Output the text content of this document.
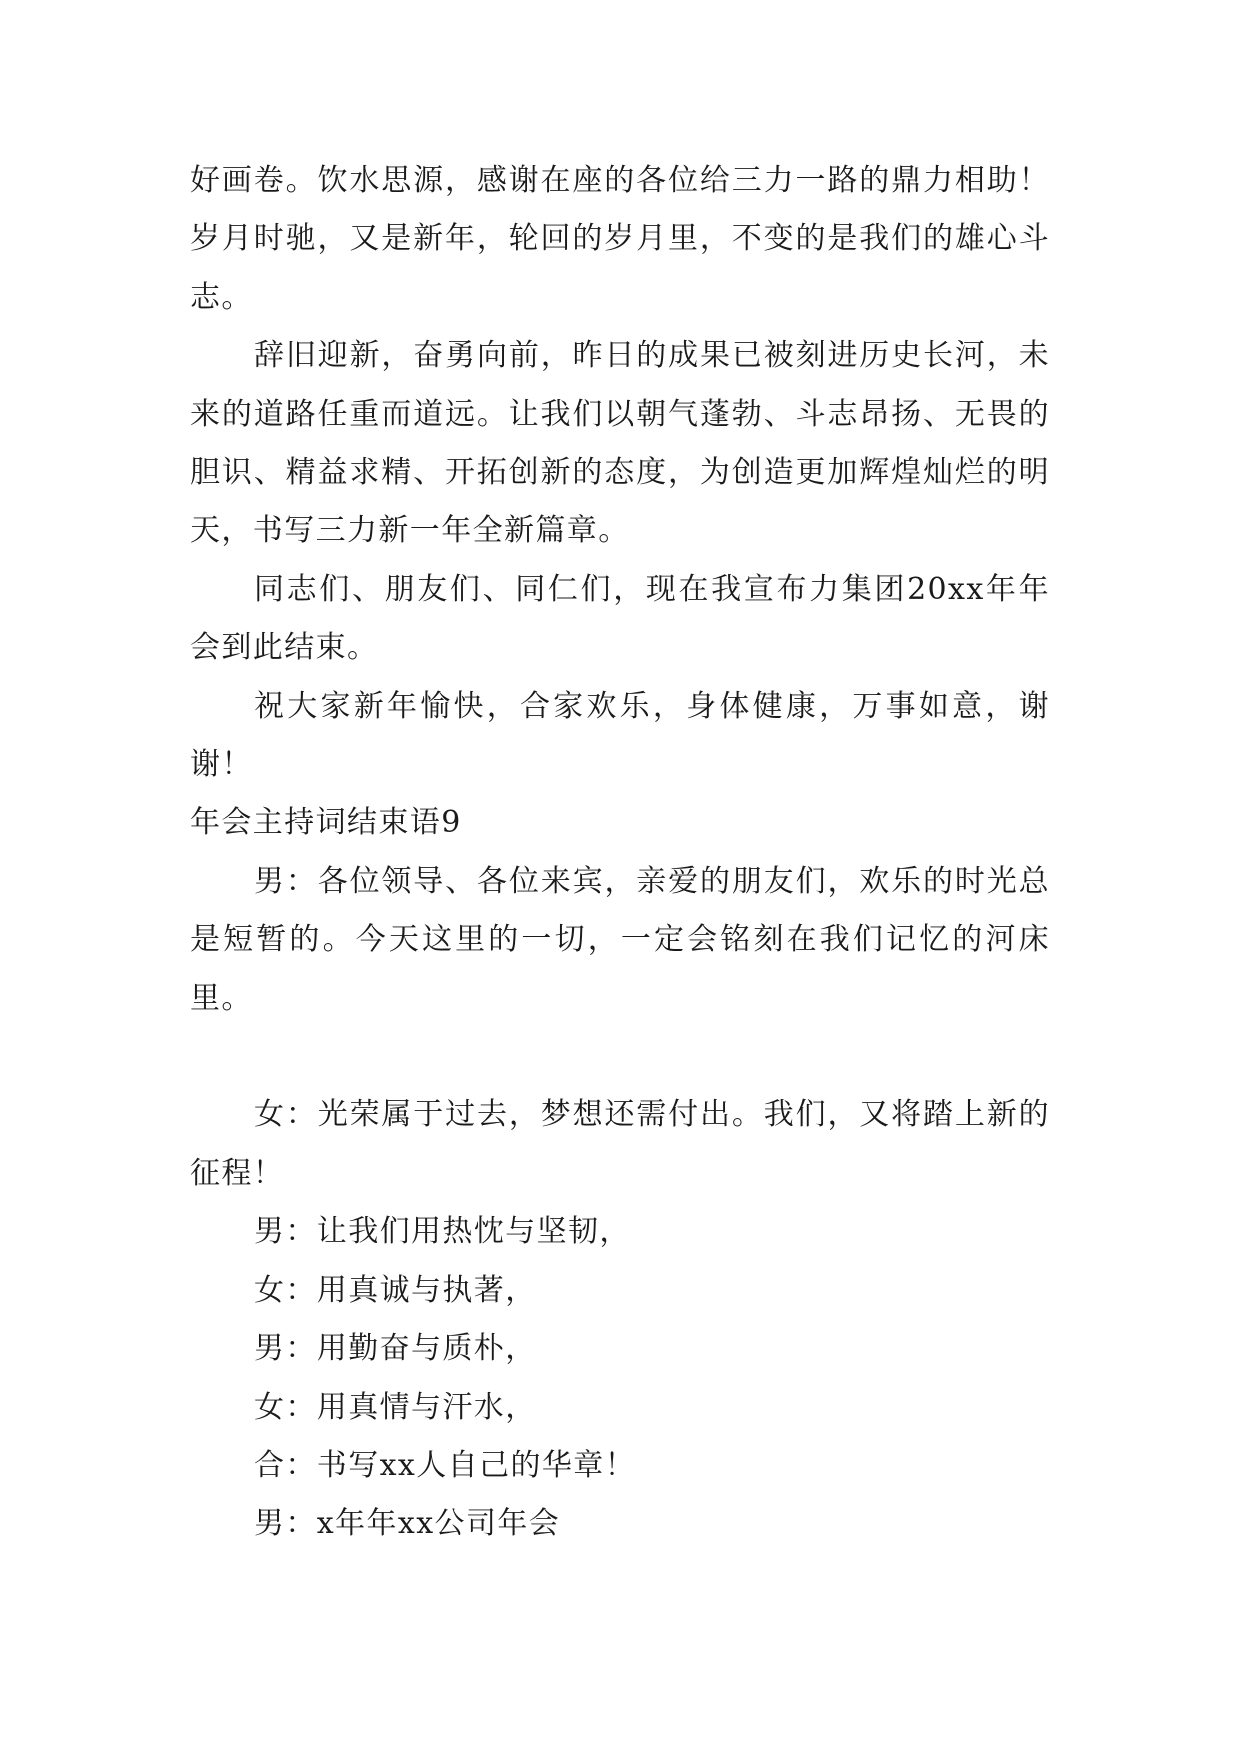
好画卷。饮水思源，感谢在座的各位给三力一路的鼎力相助！岁月时驰，又是新年，轮回的岁月里，不变的是我们的雄心斗志。

辞旧迎新，奋勇向前，昨日的成果已被刻进历史长河，未来的道路任重而道远。让我们以朝气蓬勃、斗志昂扬、无畏的胆识、精益求精、开拓创新的态度，为创造更加辉煌灿烂的明天，书写三力新一年全新篇章。

同志们、朋友们、同仁们，现在我宣布力集团20xx年年会到此结束。

祝大家新年愉快，合家欢乐，身体健康，万事如意，谢谢！

年会主持词结束语9

男：各位领导、各位来宾，亲爱的朋友们，欢乐的时光总是短暂的。今天这里的一切，一定会铭刻在我们记忆的河床里。

女：光荣属于过去，梦想还需付出。我们，又将踏上新的征程！

男：让我们用热忱与坚韧，

女：用真诚与执著，

男：用勤奋与质朴，

女：用真情与汗水，

合：书写xx人自己的华章！

男：x年年xx公司年会
